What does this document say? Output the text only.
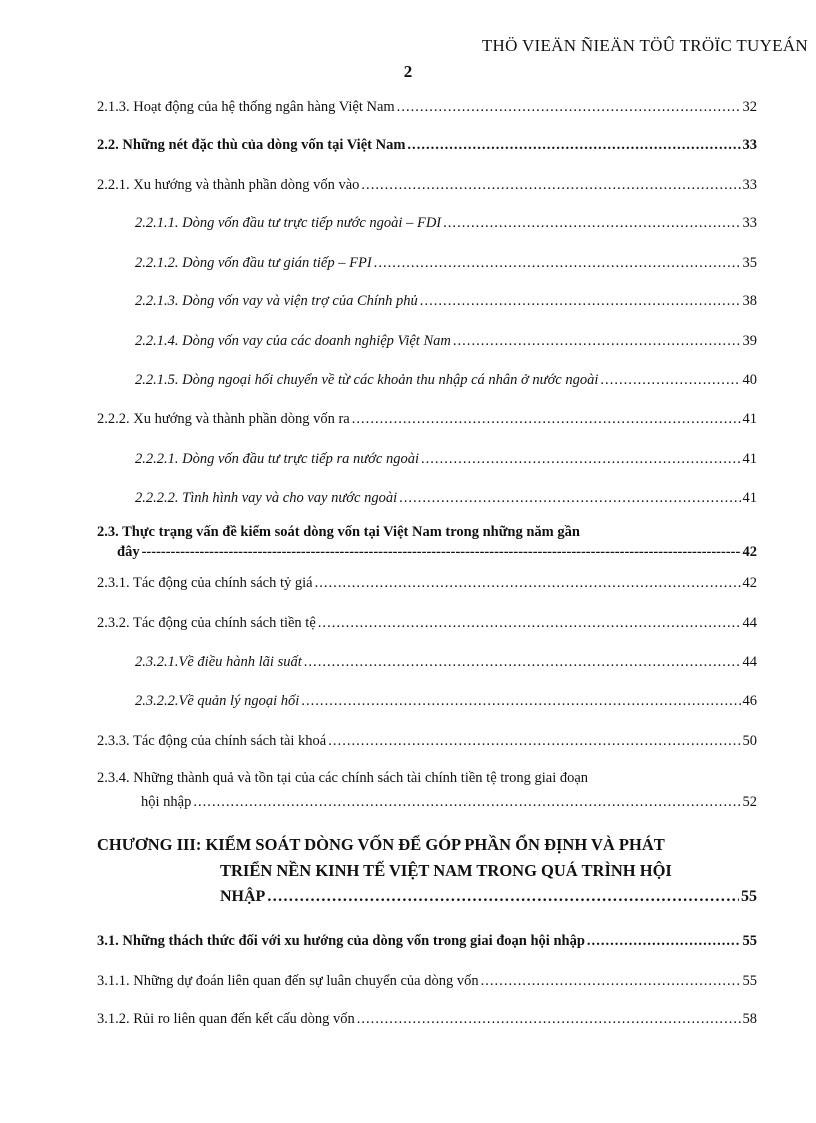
THÖ VIEÄN ÑIEÄN TÖÛ TRÖÏC TUYEÁN
2
2.1.3. Hoạt động của hệ thống ngân hàng Việt Nam . . .	32
2.2. Những nét đặc thù của dòng vốn tại Việt Nam . . .	33
2.2.1. Xu hướng và thành phần dòng vốn vào . . .	33
2.2.1.1. Dòng vốn đầu tư trực tiếp nước ngoài – FDI . . .	33
2.2.1.2. Dòng vốn đầu tư gián tiếp – FPI . . .	35
2.2.1.3. Dòng vốn vay và viện trợ của Chính phủ . . .	38
2.2.1.4. Dòng vốn vay của các doanh nghiệp Việt Nam . . .	39
2.2.1.5. Dòng ngoại hối chuyển về từ các khoản thu nhập cá nhân ở nước ngoài . . .	40
2.2.2. Xu hướng và thành phần dòng vốn ra . . .	41
2.2.2.1. Dòng vốn đầu tư trực tiếp ra nước ngoài . . .	41
2.2.2.2. Tình hình vay và cho vay nước ngoài . . .	41
2.3. Thực trạng vấn đề kiểm soát dòng vốn tại Việt Nam trong những năm gần
đây -----	42
2.3.1. Tác động của chính sách tỷ giá . . .	42
2.3.2. Tác động của chính sách tiền tệ . . .	44
2.3.2.1.Về điều hành lãi suất . . .	44
2.3.2.2.Về quản lý ngoại hối . . .	46
2.3.3. Tác động của chính sách tài khoá . . .	50
2.3.4. Những thành quả và tồn tại của các chính sách tài chính tiền tệ trong giai đoạn
hội nhập . . .	52
CHƯƠNG III: KIỂM SOÁT DÒNG VỐN ĐỂ GÓP PHẦN ỔN ĐỊNH VÀ PHÁT
TRIỂN NỀN KINH TẾ VIỆT NAM TRONG QUÁ TRÌNH HỘI
NHẬP . . .	55
3.1. Những thách thức đối với xu hướng của dòng vốn trong giai đoạn hội nhập . . .	55
3.1.1. Những dự đoán liên quan đến sự luân chuyển của dòng vốn . . .	55
3.1.2. Rủi ro liên quan đến kết cấu dòng vốn . . .	58
